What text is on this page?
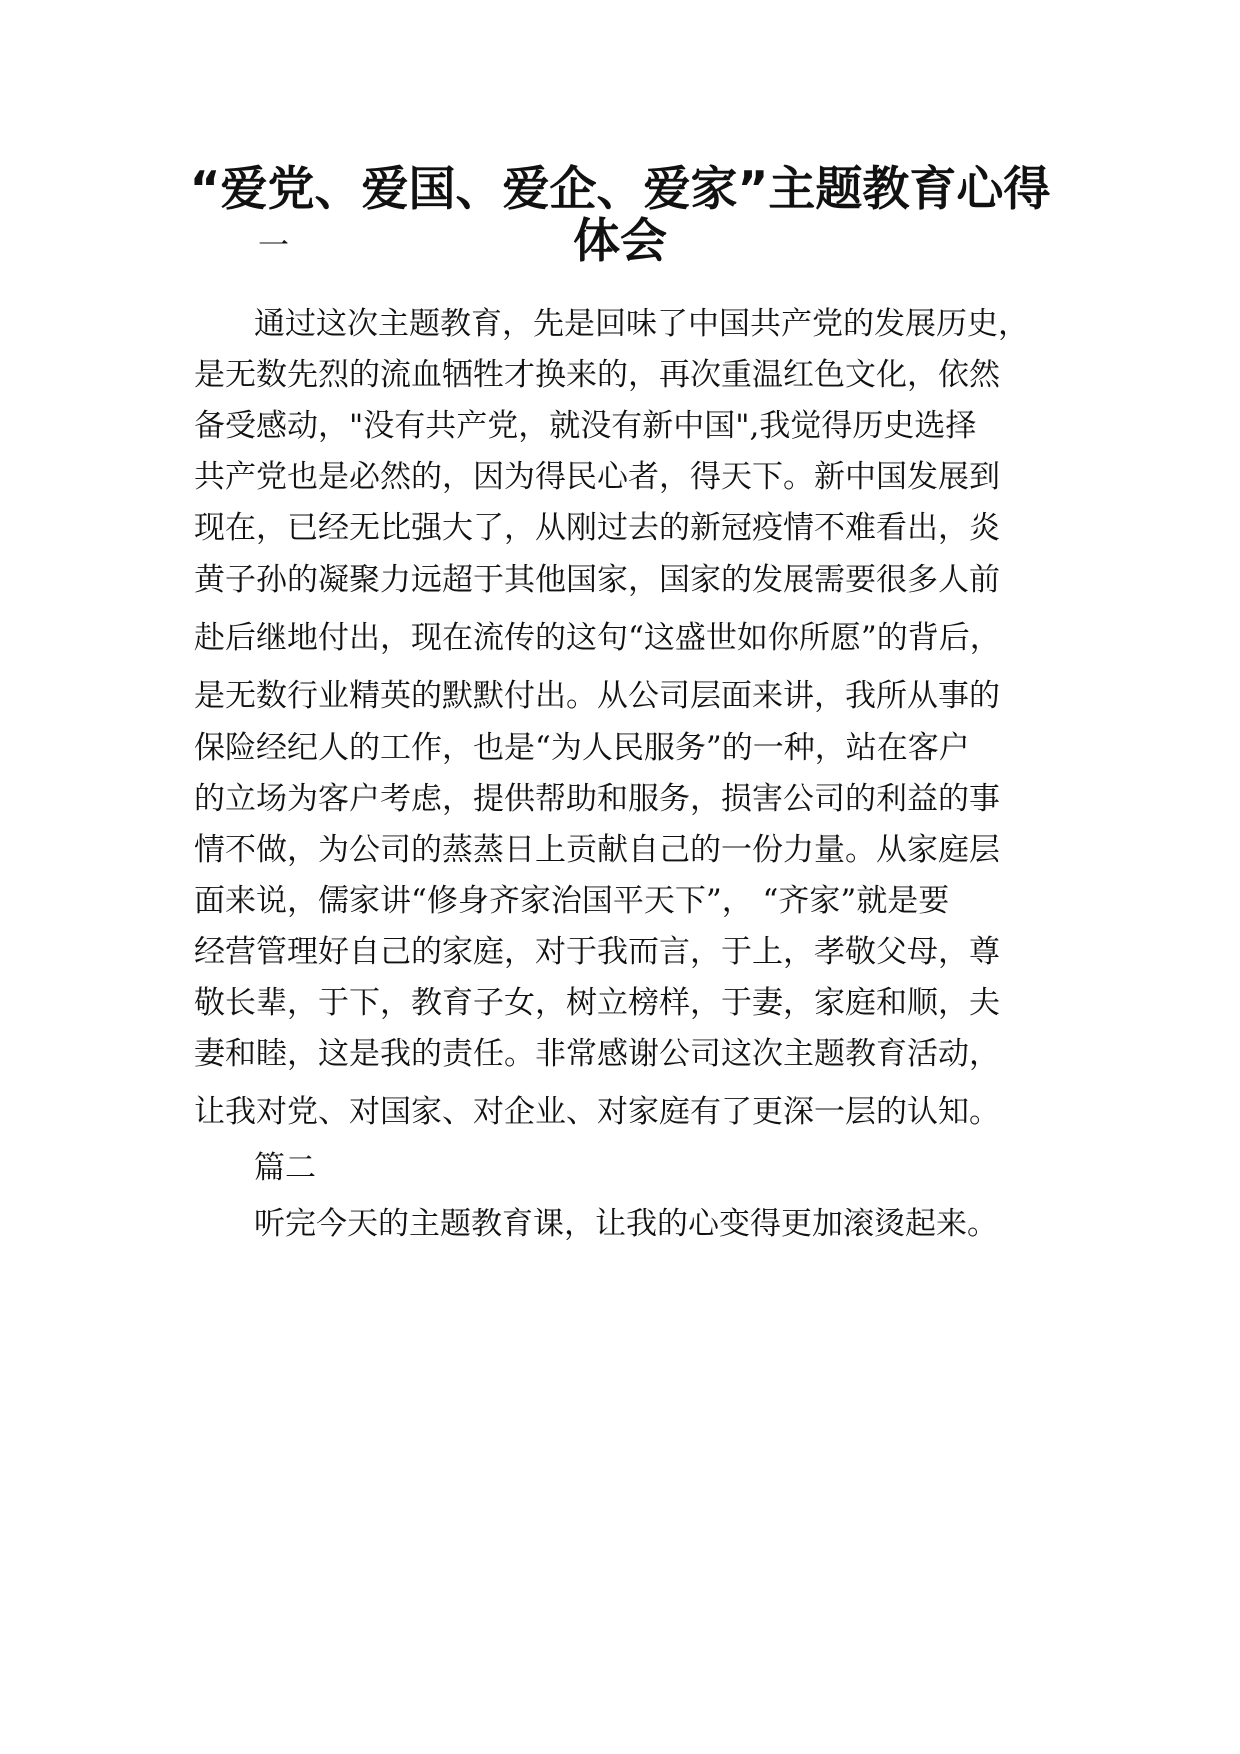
“爱党、爱国、爱企、爱家”主题教育心得
体会

一

通过这次主题教育，先是回味了中国共产党的发展历史，

是无数先烈的流血牺牲才换来的，再次重温红色文化，依然

备受感动，"没有共产党，就没有新中国",我觉得历史选择

共产党也是必然的，因为得民心者，得天下。新中国发展到

现在，已经无比强大了，从刚过去的新冠疫情不难看出，炎

黄子孙的凝聚力远超于其他国家，国家的发展需要很多人前

赴后继地付出，现在流传的这句“这盛世如你所愿”的背后，

是无数行业精英的默默付出。从公司层面来讲，我所从事的

保险经纪人的工作，也是“为人民服务”的一种，站在客户

的立场为客户考虑，提供帮助和服务，损害公司的利益的事

情不做，为公司的蒸蒸日上贡献自己的一份力量。从家庭层

面来说，儒家讲“修身齐家治国平天下”， “齐家”就是要

经营管理好自己的家庭，对于我而言，于上，孝敬父母，尊

敬长辈，于下，教育子女，树立榜样，于妻，家庭和顺，夫

妻和睦，这是我的责任。非常感谢公司这次主题教育活动，

让我对党、对国家、对企业、对家庭有了更深一层的认知。

篇二

听完今天的主题教育课，让我的心变得更加滚烫起来。
